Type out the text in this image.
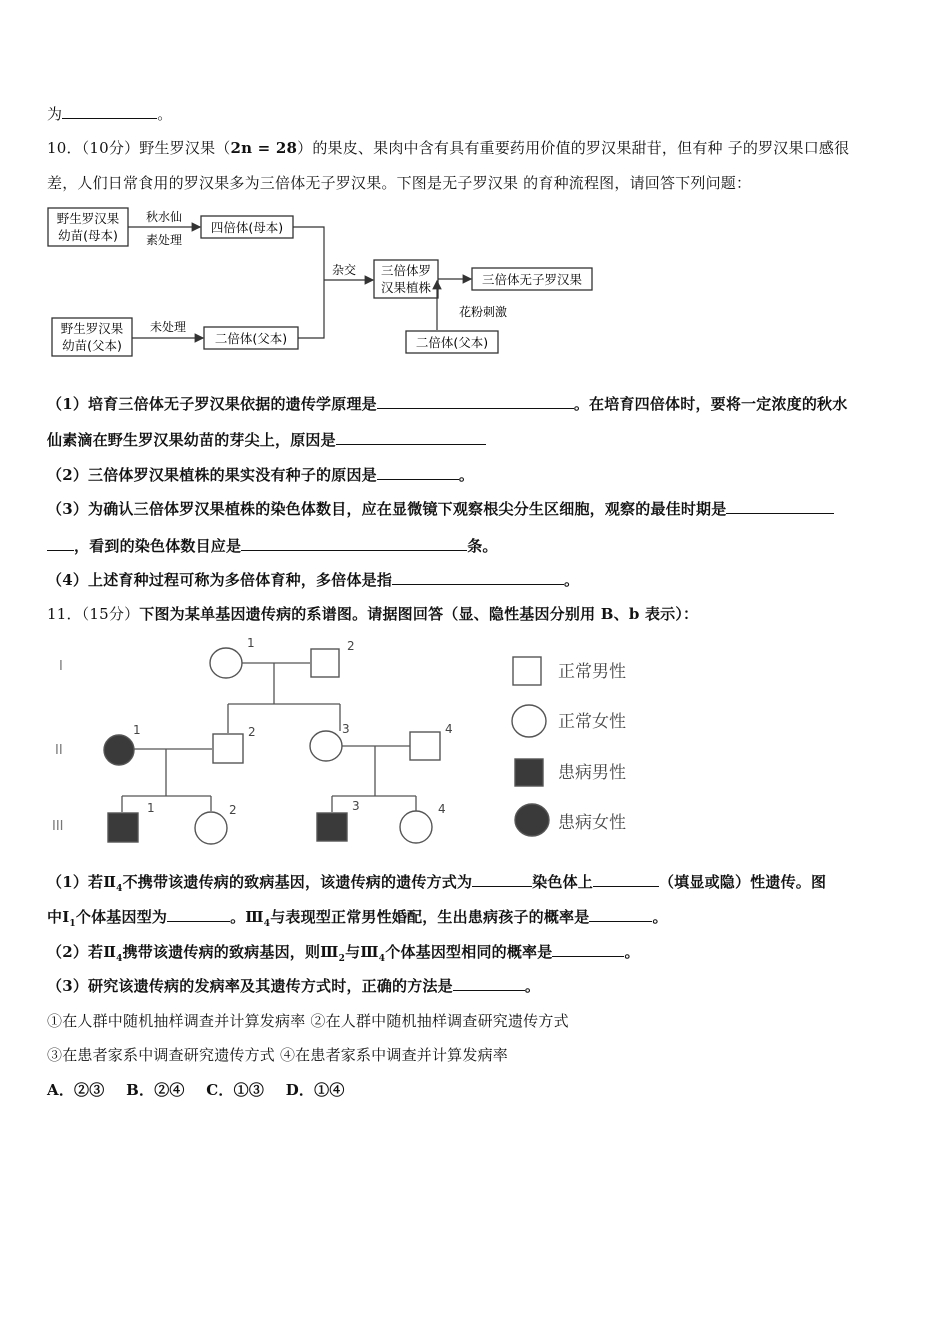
为	。
10．（10分）野生罗汉果（2n = 28）的果皮、果肉中含有具有重要药用价值的罗汉果甜苷，但有种 子的罗汉果口感很
差，人们日常食用的罗汉果多为三倍体无子罗汉果。下图是无子罗汉果 的育种流程图，请回答下列问题：
野生罗汉果
幼苗(母本)
秋水仙
素处理
四倍体(母本)
杂交 三倍体罗
汉果植株
三倍体无子罗汉果
花粉刺激
二倍体(父本)
野生罗汉果
幼苗(父本)
未处理
二倍体(父本)
（1）培育三倍体无子罗汉果依据的遗传学原理是	。在培育四倍体时，要将一定浓度的秋水
仙素滴在野生罗汉果幼苗的芽尖上，原因是
（2）三倍体罗汉果植株的果实没有种子的原因是	。
（3）为确认三倍体罗汉果植株的染色体数目，应在显微镜下观察根尖分生区细胞，观察的最佳时期是
，看到的染色体数目应是	条。
（4）上述育种过程可称为多倍体育种，多倍体是指	。
11．（15分）下图为某单基因遗传病的系谱图。请据图回答（显、隐性基因分别用 B、b 表示）：
I
II
III
1	2
1	2	3	4
1	2	3	4
正常男性
正常女性
患病男性
患病女性
（1）若$Ⅱ_4$不携带该遗传病的致病基因，该遗传病的遗传方式为	染色体上	（填显或隐）性遗传。图
中$Ⅰ_1$个体基因型为	。$Ⅲ_4$与表现型正常男性婚配，生出患病孩子的概率是	。
（2）若$Ⅱ_4$携带该遗传病的致病基因，则$Ⅲ_2$与$Ⅲ_4$个体基因型相同的概率是	。
（3）研究该遗传病的发病率及其遗传方式时，正确的方法是	。
①在人群中随机抽样调查并计算发病率 ②在人群中随机抽样调查研究遗传方式
③在患者家系中调查研究遗传方式 ④在患者家系中调查并计算发病率
A．②③    B．②④    C．①③    D．①④
